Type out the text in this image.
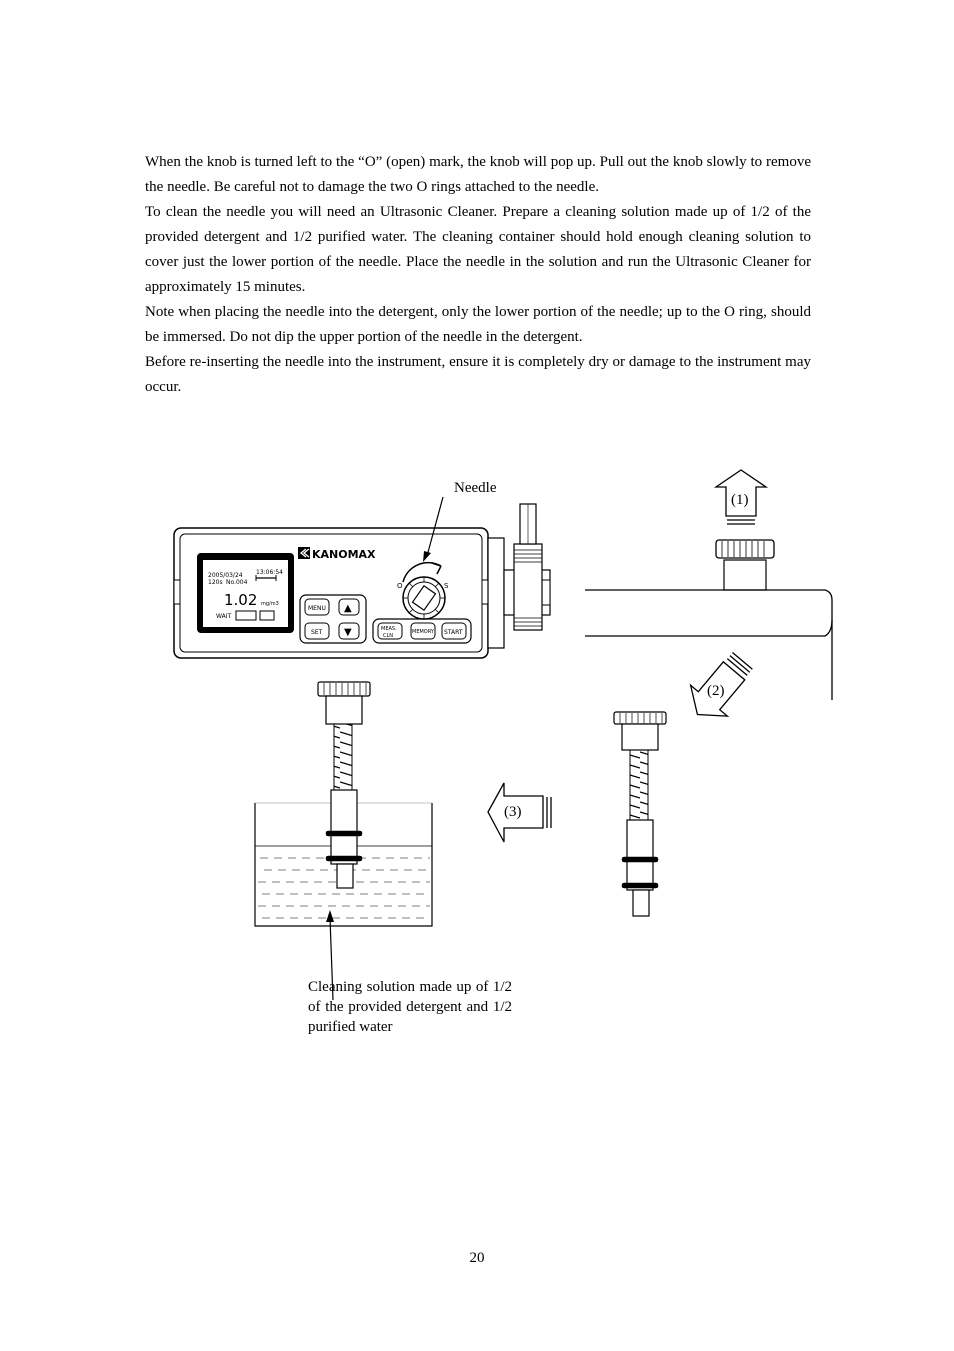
When the knob is turned left to the “O” (open) mark, the knob will pop up. Pull out the knob slowly to remove the needle. Be careful not to damage the two O rings attached to the needle.

To clean the needle you will need an Ultrasonic Cleaner. Prepare a cleaning solution made up of 1/2 of the provided detergent and 1/2 purified water. The cleaning container should hold enough cleaning solution to cover just the lower portion of the needle. Place the needle in the solution and run the Ultrasonic Cleaner for approximately 15 minutes.

Note when placing the needle into the detergent, only the lower portion of the needle; up to the O ring, should be immersed. Do not dip the upper portion of the needle in the detergent.

Before re-inserting the needle into the instrument, ensure it is completely dry or damage to the instrument may occur.

2005/03/24 13:06:54
120s No.004
1.02 mg/m3
WAIT
KANOMAX
MENU
SET
▲
▼	MEAS.
CLN
MEMORY START
O	S
Needle
(1)
(2)
(3)
Cleaning solution made up of 1/2 of the provided detergent and 1/2 purified water
20
